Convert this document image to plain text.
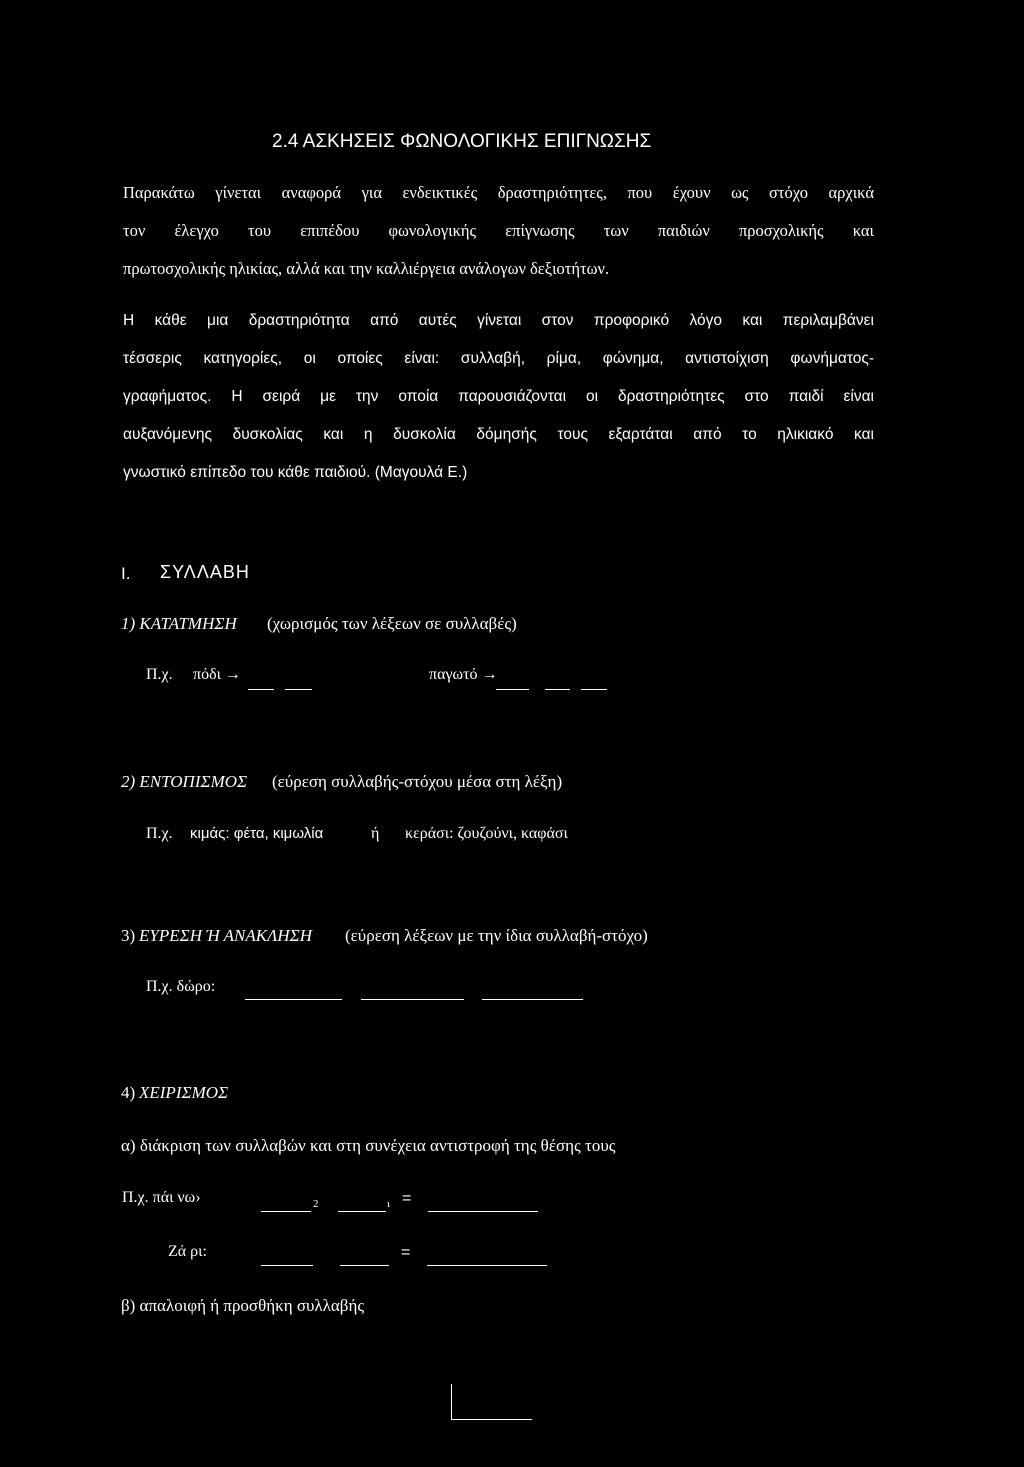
2.4 ΑΣΚΗΣΕΙΣ ΦΩΝΟΛΟΓΙΚΗΣ ΕΠΙΓΝΩΣΗΣ
Παρακάτω γίνεται αναφορά για ενδεικτικές δραστηριότητες, που έχουν ως στόχο αρχικά
τον έλεγχο του επιπέδου φωνολογικής επίγνωσης των παιδιών προσχολικής και
πρωτοσχολικής ηλικίας, αλλά και την καλλιέργεια ανάλογων δεξιοτήτων.
Η κάθε μια δραστηριότητα από αυτές γίνεται στον προφορικό λόγο και περιλαμβάνει
τέσσερις κατηγορίες, οι οποίες είναι: συλλαβή, ρίμα, φώνημα, αντιστοίχιση φωνήματος-
γραφήματος. Η σειρά με την οποία παρουσιάζονται οι δραστηριότητες στο παιδί είναι
αυξανόμενης δυσκολίας και η δυσκολία δόμησής τους εξαρτάται από το ηλικιακό και
γνωστικό επίπεδο του κάθε παιδιού. (Μαγουλά Ε.)
Ι. ΣΥΛΛΑΒΗ
1) ΚΑΤΑΤΜΗΣΗ (χωρισμός των λέξεων σε συλλαβές)
Π.χ. πόδι →	παγωτό →
2) ΕΝΤΟΠΙΣΜΟΣ (εύρεση συλλαβής-στόχου μέσα στη λέξη)
Π.χ. κιμάς: φέτα, κιμωλία	ή κεράσι: ζουζούνι, καφάσι
3) ΕΥΡΕΣΗ Ή ΑΝΑΚΛΗΣΗ (εύρεση λέξεων με την ίδια συλλαβή-στόχο)
Π.χ. δώρο:
4) ΧΕΙΡΙΣΜΟΣ
α) διάκριση των συλλαβών και στη συνέχεια αντιστροφή της θέσης τους
Π.χ. πάι νω›	2	ι =
Ζά ρι:	=
β) απαλοιφή ή προσθήκη συλλαβής
